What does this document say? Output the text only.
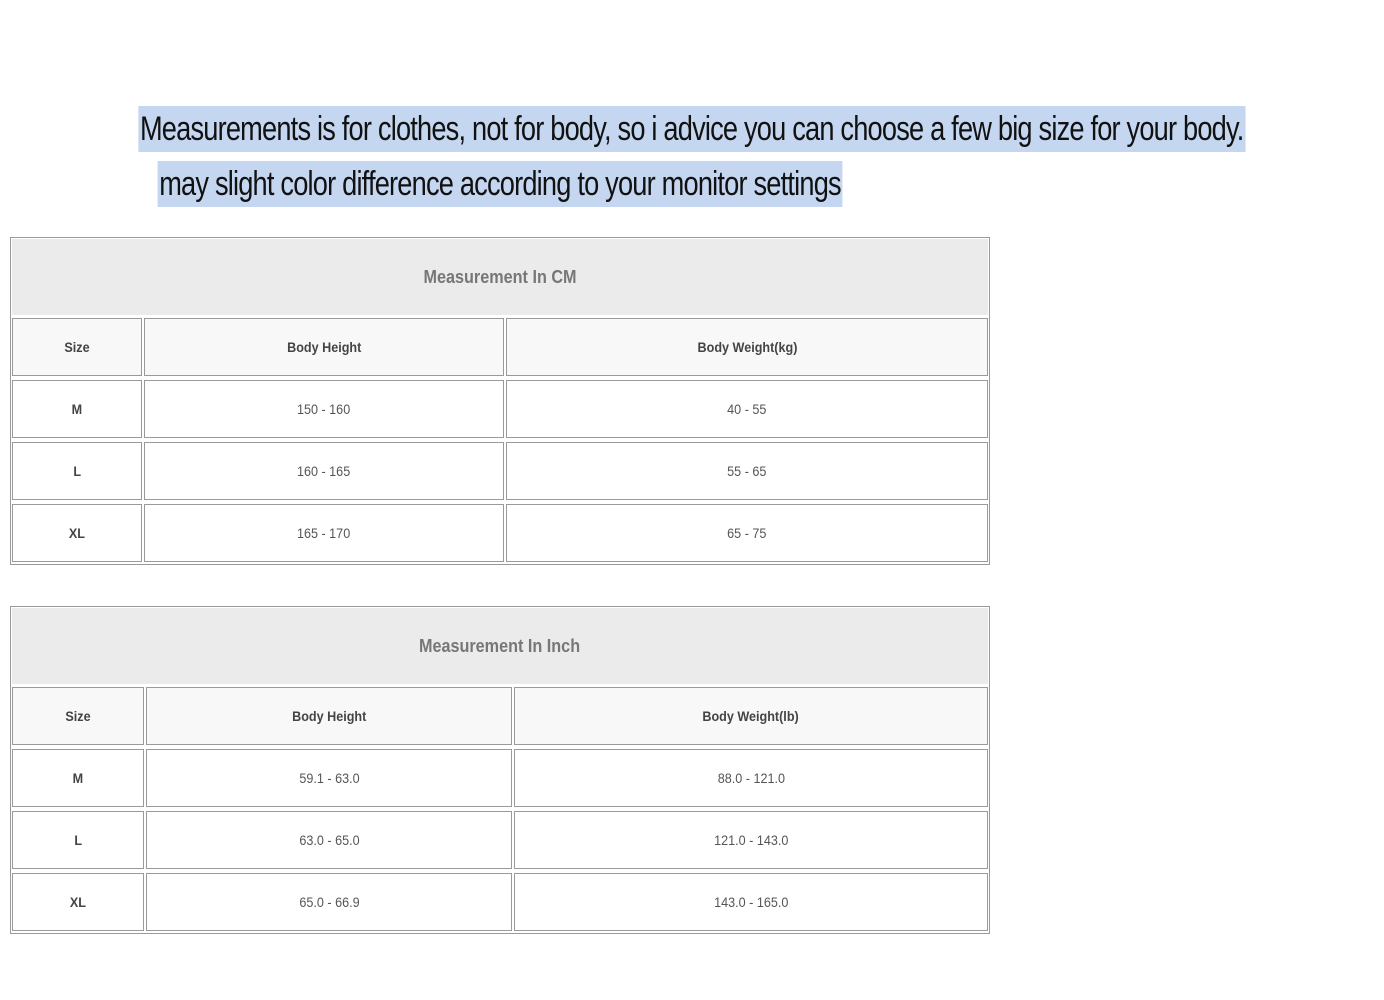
Measurements is for clothes, not for body, so i advice you can choose a few big size for your body.
may slight color difference according to your monitor settings
Measurement In CM
Size	Body Height	Body Weight(kg)
M	150 - 160	40 - 55
L	160 - 165	55 - 65
XL	165 - 170	65 - 75
Measurement In Inch
Size	Body Height	Body Weight(lb)
M	59.1 - 63.0	88.0 - 121.0
L	63.0 - 65.0	121.0 - 143.0
XL	65.0 - 66.9	143.0 - 165.0
